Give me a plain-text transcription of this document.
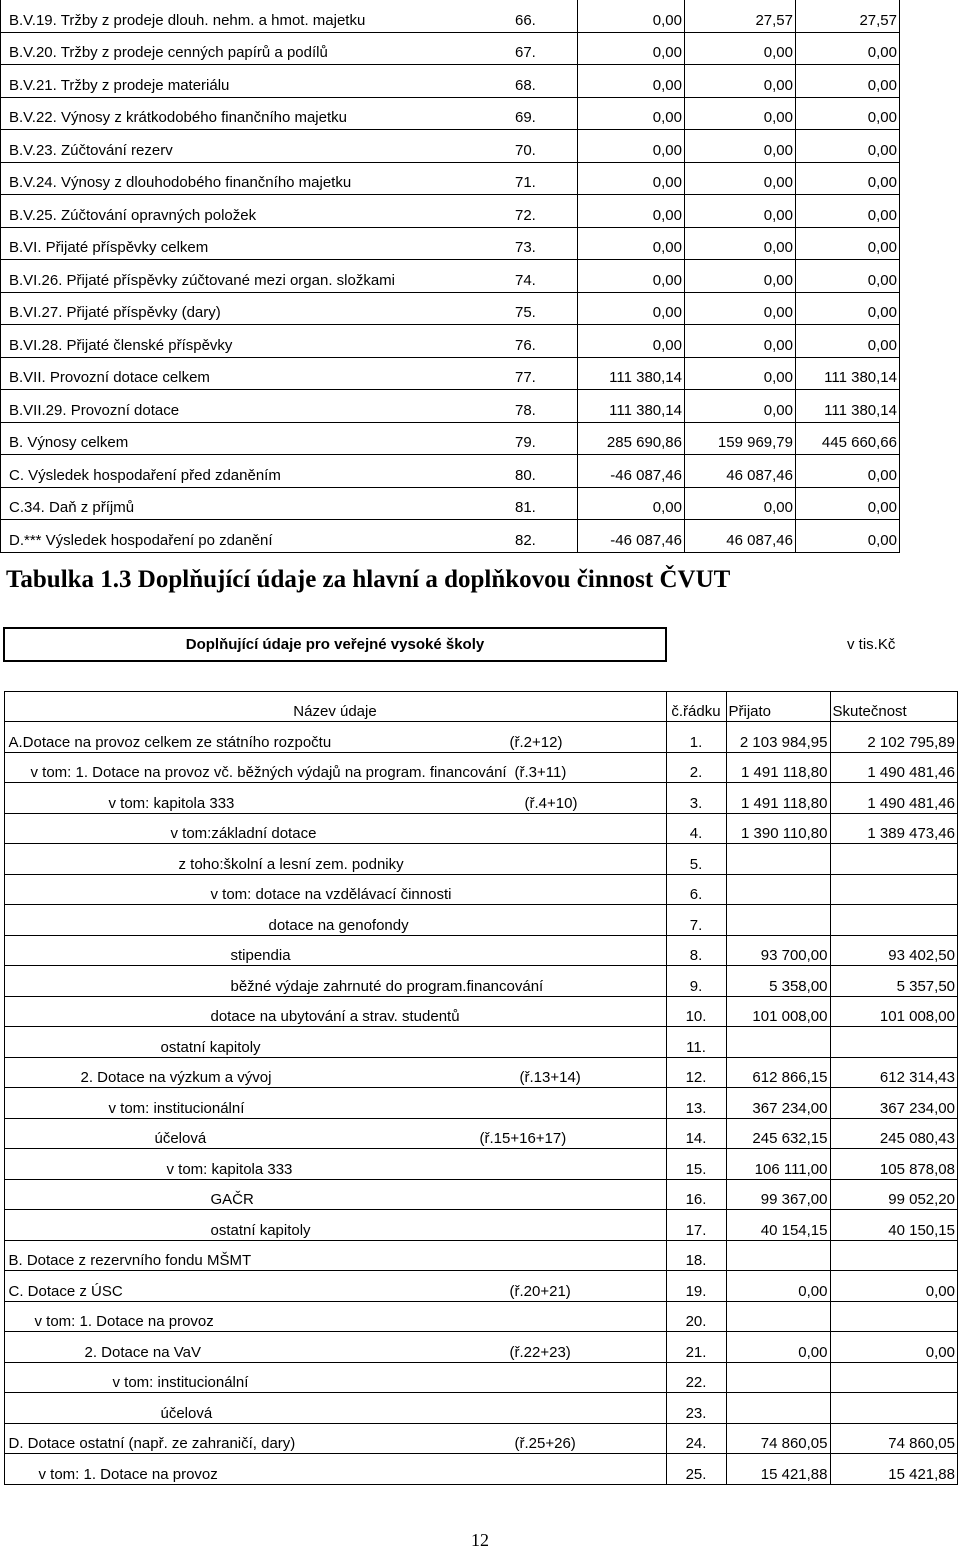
B.V.19. Tržby z prodeje dlouh. nehm. a hmot. majetku	66.	0,00	27,57	27,57
B.V.20. Tržby z prodeje cenných papírů a podílů	67.	0,00	0,00	0,00
B.V.21. Tržby z prodeje materiálu	68.	0,00	0,00	0,00
B.V.22. Výnosy z krátkodobého finančního majetku	69.	0,00	0,00	0,00
B.V.23. Zúčtování rezerv	70.	0,00	0,00	0,00
B.V.24. Výnosy z dlouhodobého finančního majetku	71.	0,00	0,00	0,00
B.V.25. Zúčtování opravných položek	72.	0,00	0,00	0,00
B.VI. Přijaté příspěvky celkem	73.	0,00	0,00	0,00
B.VI.26. Přijaté příspěvky zúčtované mezi organ. složkami	74.	0,00	0,00	0,00
B.VI.27. Přijaté příspěvky (dary)	75.	0,00	0,00	0,00
B.VI.28. Přijaté členské příspěvky	76.	0,00	0,00	0,00
B.VII. Provozní dotace celkem	77.	111 380,14	0,00	111 380,14
B.VII.29. Provozní dotace	78.	111 380,14	0,00	111 380,14
B. Výnosy celkem	79.	285 690,86	159 969,79	445 660,66
C. Výsledek hospodaření před zdaněním	80.	-46 087,46	46 087,46	0,00
C.34. Daň z příjmů	81.	0,00	0,00	0,00
D.*** Výsledek hospodaření po zdanění	82.	-46 087,46	46 087,46	0,00
Tabulka 1.3 Doplňující údaje za hlavní a doplňkovou činnost ČVUT
Doplňující údaje pro veřejné vysoké školy	v tis.Kč		

Název údaje	č.řádku	Přijato	Skutečnost

A.Dotace na provoz celkem ze státního rozpočtu (ř.2+12)	1.	2 103 984,95	2 102 795,89

v tom: 1. Dotace na provoz vč. běžných výdajů na program. financování (ř.3+11)	2.	1 491 118,80	1 490 481,46

v tom: kapitola 333 (ř.4+10)	3.	1 491 118,80	1 490 481,46

v tom:základní dotace	4.	1 390 110,80	1 389 473,46

z toho:školní a lesní zem. podniky	5.		

v tom: dotace na vzdělávací činnosti	6.		

dotace na genofondy	7.		

stipendia	8.	93 700,00	93 402,50

běžné výdaje zahrnuté do program.financování	9.	5 358,00	5 357,50

dotace na ubytování a strav. studentů	10.	101 008,00	101 008,00

ostatní kapitoly	11.		

2. Dotace na výzkum a vývoj (ř.13+14)	12.	612 866,15	612 314,43

v tom: institucionální	13.	367 234,00	367 234,00

účelová (ř.15+16+17)	14.	245 632,15	245 080,43

v tom: kapitola 333	15.	106 111,00	105 878,08

GAČR	16.	99 367,00	99 052,20

ostatní kapitoly	17.	40 154,15	40 150,15

B. Dotace z rezervního fondu MŠMT	18.		

C. Dotace z ÚSC (ř.20+21)	19.	0,00	0,00

v tom: 1. Dotace na provoz	20.		

2. Dotace na VaV (ř.22+23)	21.	0,00	0,00

v tom: institucionální	22.		

účelová	23.		

D. Dotace ostatní (např. ze zahraničí, dary) (ř.25+26)	24.	74 860,05	74 860,05

v tom: 1. Dotace na provoz	25.	15 421,88	15 421,88
12
